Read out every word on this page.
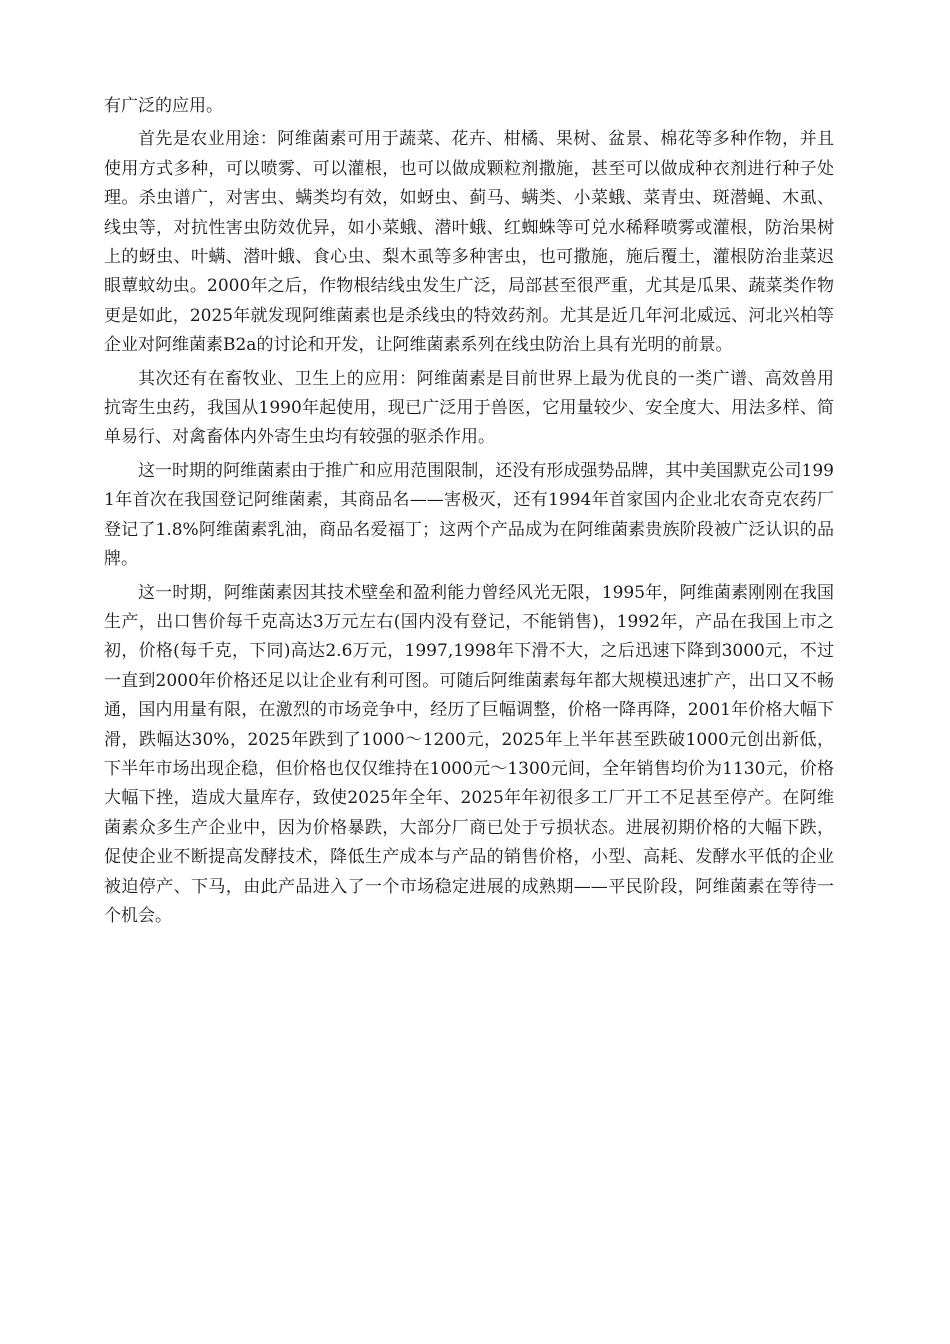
有广泛的应用。

首先是农业用途：阿维菌素可用于蔬菜、花卉、柑橘、果树、盆景、棉花等多种作物，并且使用方式多种，可以喷雾、可以灌根，也可以做成颗粒剂撒施，甚至可以做成种衣剂进行种子处理。杀虫谱广，对害虫、螨类均有效，如蚜虫、蓟马、螨类、小菜蛾、菜青虫、斑潜蝇、木虱、线虫等，对抗性害虫防效优异，如小菜蛾、潜叶蛾、红蜘蛛等可兑水稀释喷雾或灌根，防治果树上的蚜虫、叶螨、潜叶蛾、食心虫、梨木虱等多种害虫，也可撒施，施后覆土，灌根防治韭菜迟眼蕈蚊幼虫。2000年之后，作物根结线虫发生广泛，局部甚至很严重，尤其是瓜果、蔬菜类作物更是如此，2025年就发现阿维菌素也是杀线虫的特效药剂。尤其是近几年河北威远、河北兴柏等企业对阿维菌素B2a的讨论和开发，让阿维菌素系列在线虫防治上具有光明的前景。

其次还有在畜牧业、卫生上的应用：阿维菌素是目前世界上最为优良的一类广谱、高效兽用抗寄生虫药，我国从1990年起使用，现已广泛用于兽医，它用量较少、安全度大、用法多样、简单易行、对禽畜体内外寄生虫均有较强的驱杀作用。

这一时期的阿维菌素由于推广和应用范围限制，还没有形成强势品牌，其中美国默克公司1991年首次在我国登记阿维菌素，其商品名——害极灭，还有1994年首家国内企业北农奇克农药厂登记了1.8%阿维菌素乳油，商品名爱福丁；这两个产品成为在阿维菌素贵族阶段被广泛认识的品牌。

这一时期，阿维菌素因其技术壁垒和盈利能力曾经风光无限，1995年，阿维菌素刚刚在我国生产，出口售价每千克高达3万元左右(国内没有登记，不能销售)，1992年，产品在我国上市之初，价格(每千克，下同)高达2.6万元，1997,1998年下滑不大，之后迅速下降到3000元，不过一直到2000年价格还足以让企业有利可图。可随后阿维菌素每年都大规模迅速扩产，出口又不畅通，国内用量有限，在激烈的市场竞争中，经历了巨幅调整，价格一降再降，2001年价格大幅下滑，跌幅达30%，2025年跌到了1000～1200元，2025年上半年甚至跌破1000元创出新低，下半年市场出现企稳，但价格也仅仅维持在1000元～1300元间，全年销售均价为1130元，价格大幅下挫，造成大量库存，致使2025年全年、2025年年初很多工厂开工不足甚至停产。在阿维菌素众多生产企业中，因为价格暴跌，大部分厂商已处于亏损状态。进展初期价格的大幅下跌，促使企业不断提高发酵技术，降低生产成本与产品的销售价格，小型、高耗、发酵水平低的企业被迫停产、下马，由此产品进入了一个市场稳定进展的成熟期——平民阶段，阿维菌素在等待一个机会。
